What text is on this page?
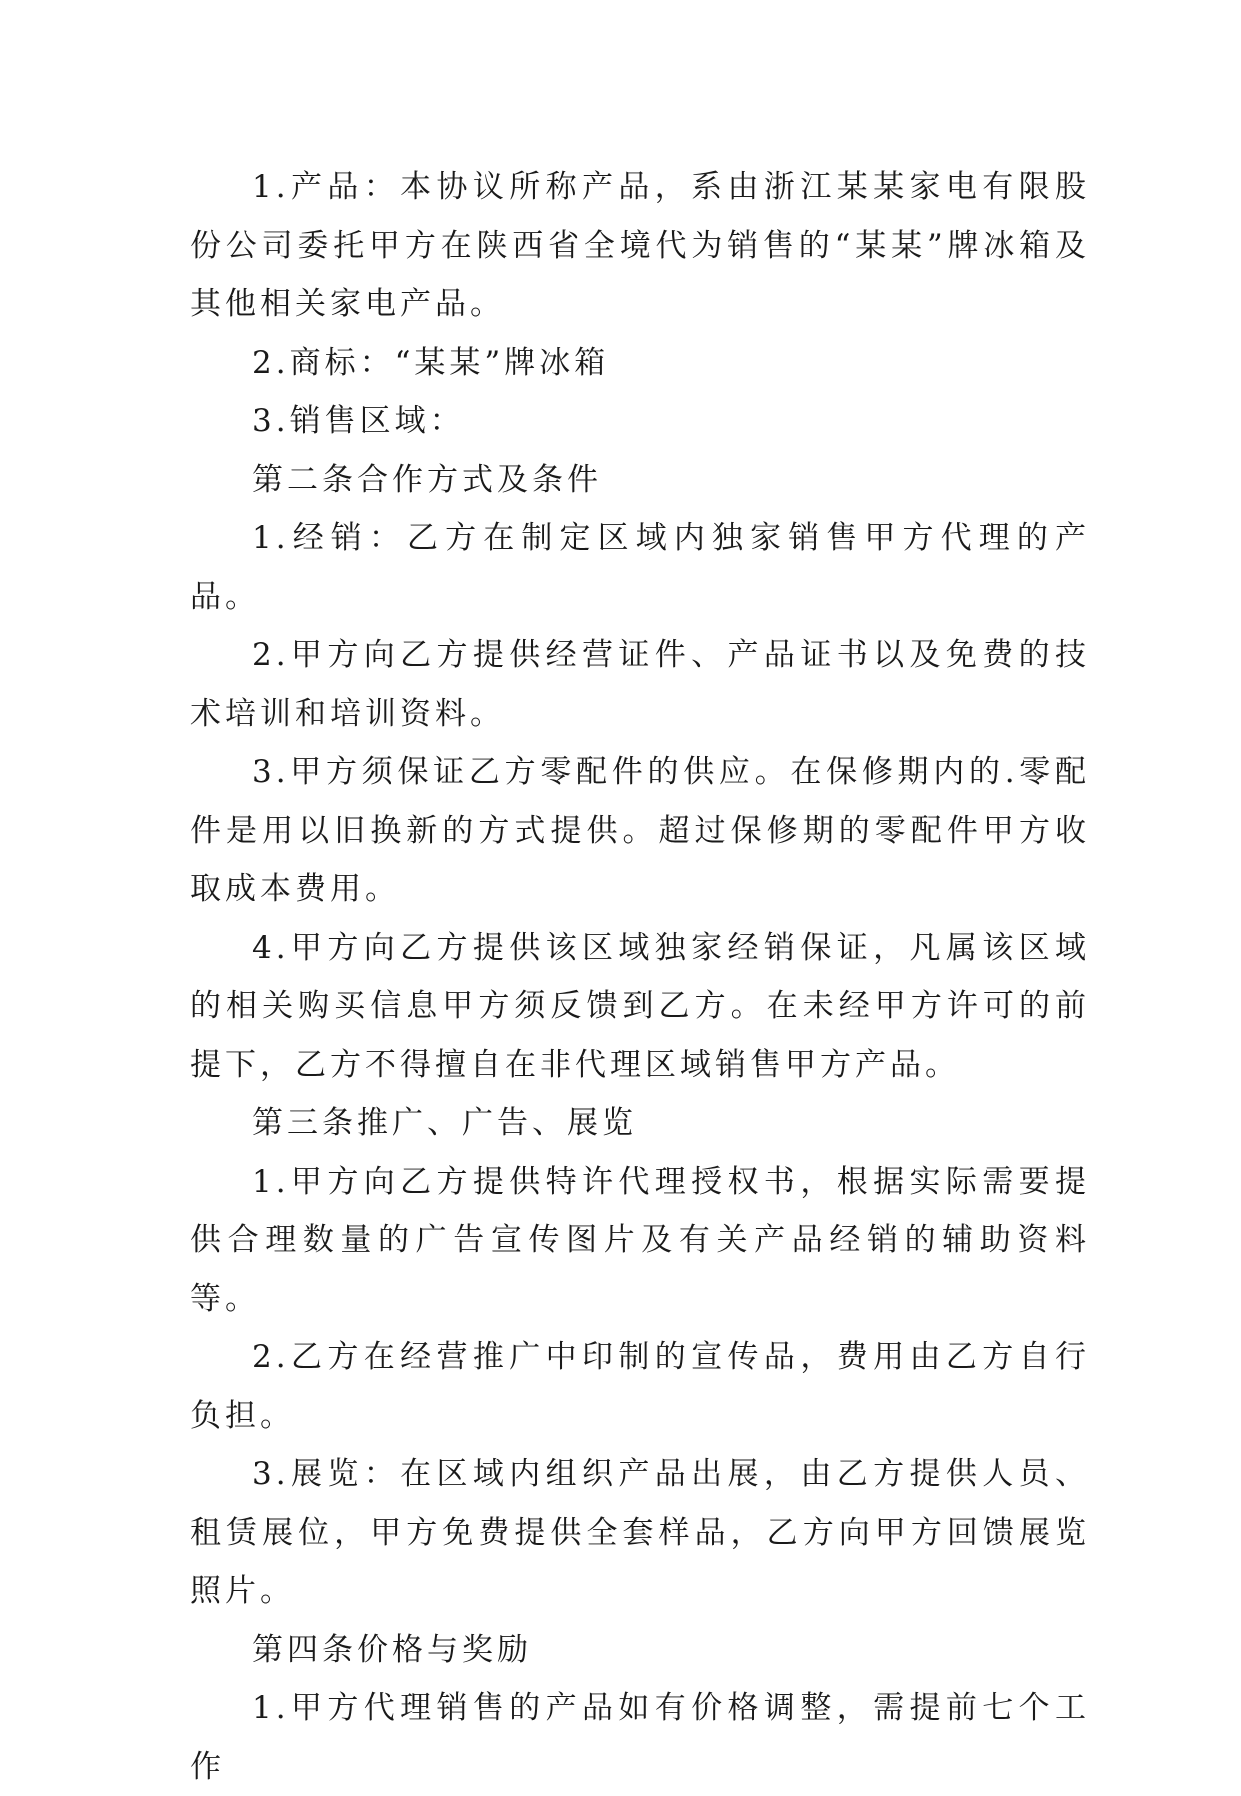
1.产品：本协议所称产品，系由浙江某某家电有限股份公司委托甲方在陕西省全境代为销售的“某某”牌冰箱及其他相关家电产品。

2.商标：“某某”牌冰箱

3.销售区域：

第二条合作方式及条件

1.经销：乙方在制定区域内独家销售甲方代理的产品。

2.甲方向乙方提供经营证件、产品证书以及免费的技术培训和培训资料。

3.甲方须保证乙方零配件的供应。在保修期内的.零配件是用以旧换新的方式提供。超过保修期的零配件甲方收取成本费用。

4.甲方向乙方提供该区域独家经销保证，凡属该区域的相关购买信息甲方须反馈到乙方。在未经甲方许可的前提下，乙方不得擅自在非代理区域销售甲方产品。

第三条推广、广告、展览

1.甲方向乙方提供特许代理授权书，根据实际需要提供合理数量的广告宣传图片及有关产品经销的辅助资料等。

2.乙方在经营推广中印制的宣传品，费用由乙方自行负担。

3.展览：在区域内组织产品出展，由乙方提供人员、租赁展位，甲方免费提供全套样品，乙方向甲方回馈展览照片。

第四条价格与奖励

1.甲方代理销售的产品如有价格调整，需提前七个工作
